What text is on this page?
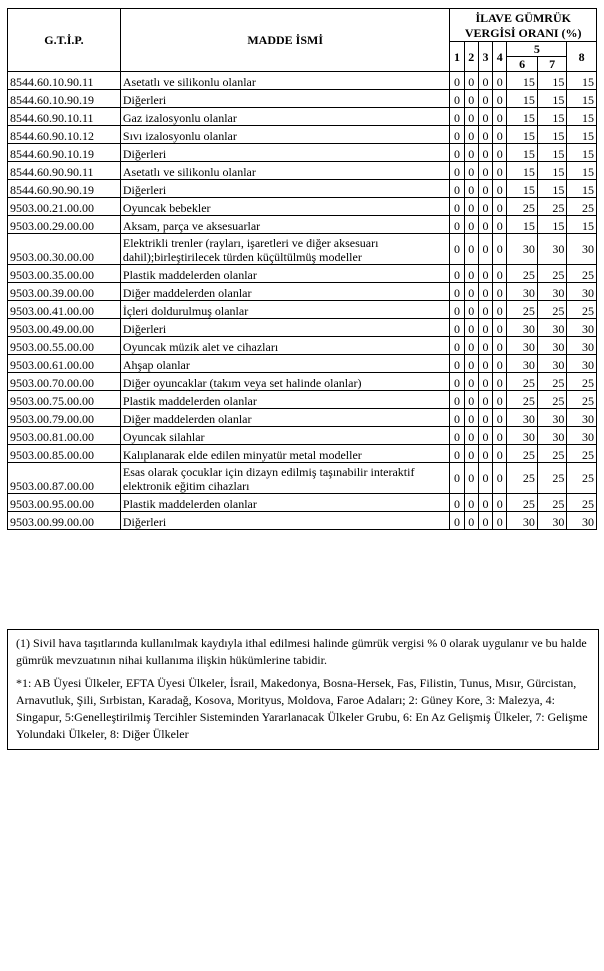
G.T.İ.P.	MADDE İSMİ	İLAVE GÜMRÜK
VERGİSİ ORANI (%)						
		1	2	3	4	5		8
						6	7	
8544.60.10.90.11	Asetatlı ve silikonlu olanlar	0	0	0	0	15	15	15
8544.60.10.90.19	Diğerleri	0	0	0	0	15	15	15
8544.60.90.10.11	Gaz izalosyonlu olanlar	0	0	0	0	15	15	15
8544.60.90.10.12	Sıvı izalosyonlu olanlar	0	0	0	0	15	15	15
8544.60.90.10.19	Diğerleri	0	0	0	0	15	15	15
8544.60.90.90.11	Asetatlı ve silikonlu olanlar	0	0	0	0	15	15	15
8544.60.90.90.19	Diğerleri	0	0	0	0	15	15	15
9503.00.21.00.00	Oyuncak bebekler	0	0	0	0	25	25	25
9503.00.29.00.00	Aksam, parça ve aksesuarlar	0	0	0	0	15	15	15
9503.00.30.00.00	Elektrikli trenler (rayları, işaretleri ve diğer aksesuarı dahil);birleştirilecek türden küçültülmüş modeller	0	0	0	0	30	30	30
9503.00.35.00.00	Plastik maddelerden olanlar	0	0	0	0	25	25	25
9503.00.39.00.00	Diğer maddelerden olanlar	0	0	0	0	30	30	30
9503.00.41.00.00	İçleri doldurulmuş olanlar	0	0	0	0	25	25	25
9503.00.49.00.00	Diğerleri	0	0	0	0	30	30	30
9503.00.55.00.00	Oyuncak müzik alet ve cihazları	0	0	0	0	30	30	30
9503.00.61.00.00	Ahşap olanlar	0	0	0	0	30	30	30
9503.00.70.00.00	Diğer oyuncaklar (takım veya set halinde olanlar)	0	0	0	0	25	25	25
9503.00.75.00.00	Plastik maddelerden olanlar	0	0	0	0	25	25	25
9503.00.79.00.00	Diğer maddelerden olanlar	0	0	0	0	30	30	30
9503.00.81.00.00	Oyuncak silahlar	0	0	0	0	30	30	30
9503.00.85.00.00	Kalıplanarak elde edilen minyatür metal modeller	0	0	0	0	25	25	25
9503.00.87.00.00	Esas olarak çocuklar için dizayn edilmiş taşınabilir interaktif elektronik eğitim cihazları	0	0	0	0	25	25	25
9503.00.95.00.00	Plastik maddelerden olanlar	0	0	0	0	25	25	25
9503.00.99.00.00	Diğerleri	0	0	0	0	30	30	30

(1) Sivil hava taşıtlarında kullanılmak kaydıyla ithal edilmesi halinde gümrük vergisi % 0 olarak uygulanır ve bu halde gümrük mevzuatının nihai kullanıma ilişkin hükümlerine tabidir.

*1: AB Üyesi Ülkeler, EFTA Üyesi Ülkeler, İsrail, Makedonya, Bosna-Hersek, Fas, Filistin, Tunus, Mısır, Gürcistan, Arnavutluk, Şili, Sırbistan, Karadağ, Kosova, Morityus, Moldova, Faroe Adaları; 2: Güney Kore, 3: Malezya, 4: Singapur, 5:Genelleştirilmiş Tercihler Sisteminden Yararlanacak Ülkeler Grubu, 6: En Az Gelişmiş Ülkeler, 7: Gelişme Yolundaki Ülkeler, 8: Diğer Ülkeler
